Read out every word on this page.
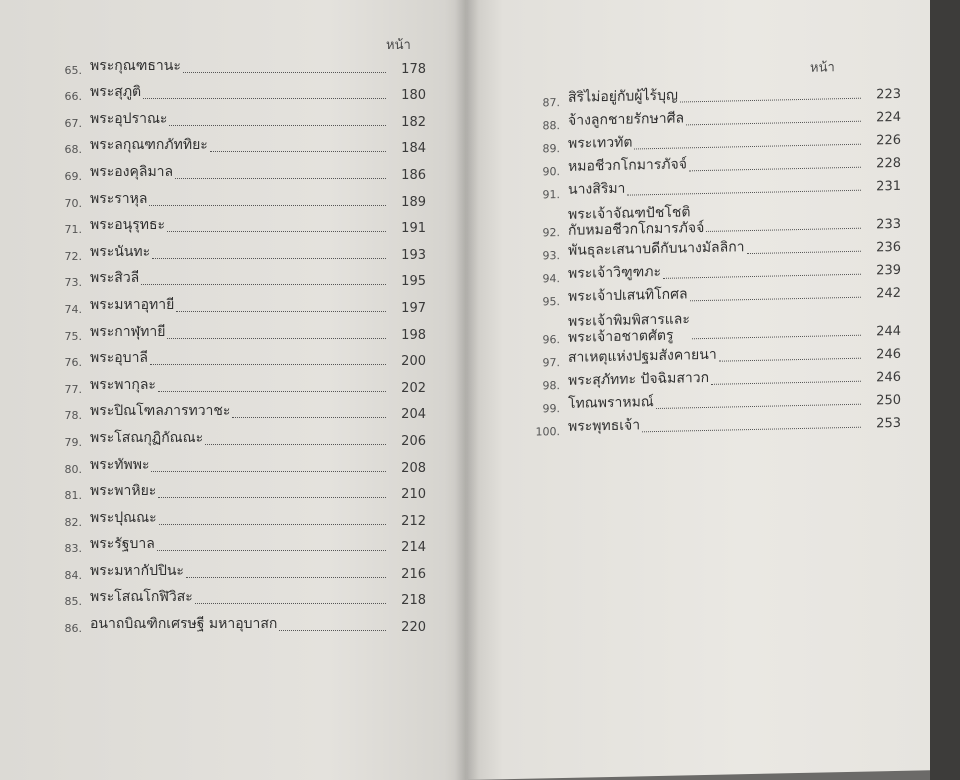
หน้า
65. พระกุณฑธานะ	178
66. พระสุภูติ	180
67. พระอุปราณะ	182
68. พระลกุณฑกภัททิยะ	184
69. พระองคุลิมาล	186
70. พระราหุล	189
71. พระอนุรุทธะ	191
72. พระนันทะ	193
73. พระสิวลี	195
74. พระมหาอุทายี	197
75. พระกาฬุทายี	198
76. พระอุบาลี	200
77. พระพากุละ	202
78. พระปิณโฑลภารทวาชะ	204
79. พระโสณกุฏิกัณณะ	206
80. พระทัพพะ	208
81. พระพาหิยะ	210
82. พระปุณณะ	212
83. พระรัฐบาล	214
84. พระมหากัปปินะ	216
85. พระโสณโกฬิวิสะ	218
86. อนาถบิณฑิกเศรษฐี มหาอุบาสก	220
หน้า
87. สิริไม่อยู่กับผู้ไร้บุญ	223
88. จ้างลูกชายรักษาศีล	224
89. พระเทวทัต	226
90. หมอชีวกโกมารภัจจ์	228
91. นางสิริมา	231
92.
พระเจ้าจัณฑปัชโชติ
กับหมอชีวกโกมารภัจจ์	233
93. พันธุละเสนาบดีกับนางมัลลิกา	236
94. พระเจ้าวิฑูฑภะ	239
95. พระเจ้าปเสนทิโกศล	242
96.
พระเจ้าพิมพิสารและ
พระเจ้าอชาตศัตรู	244
97. สาเหตุแห่งปฐมสังคายนา	246
98. พระสุภัททะ ปัจฉิมสาวก	246
99. โทณพราหมณ์	250
100. พระพุทธเจ้า	253
